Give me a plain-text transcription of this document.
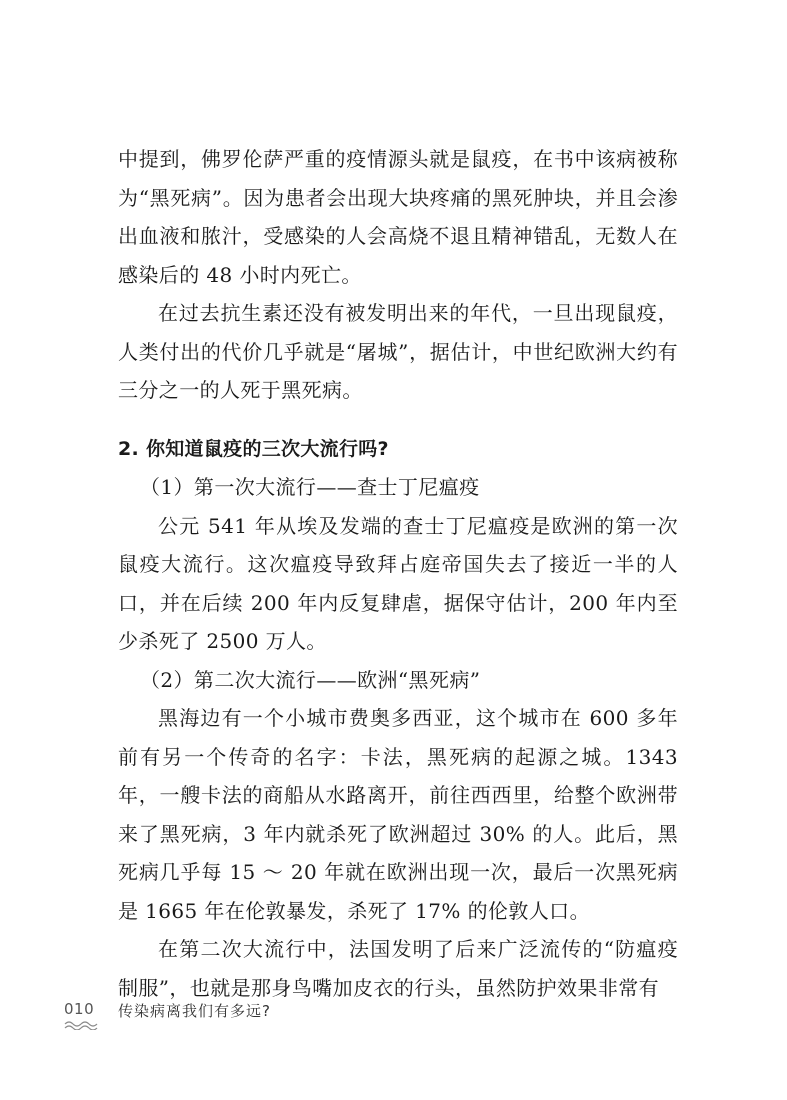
中提到，佛罗伦萨严重的疫情源头就是鼠疫，在书中该病被称为“黑死病”。因为患者会出现大块疼痛的黑死肿块，并且会渗出血液和脓汁，受感染的人会高烧不退且精神错乱，无数人在感染后的 48 小时内死亡。

在过去抗生素还没有被发明出来的年代，一旦出现鼠疫，人类付出的代价几乎就是“屠城”，据估计，中世纪欧洲大约有三分之一的人死于黑死病。

2. 你知道鼠疫的三次大流行吗?

（1）第一次大流行——查士丁尼瘟疫

公元 541 年从埃及发端的查士丁尼瘟疫是欧洲的第一次鼠疫大流行。这次瘟疫导致拜占庭帝国失去了接近一半的人口，并在后续 200 年内反复肆虐，据保守估计，200 年内至少杀死了 2500 万人。

（2）第二次大流行——欧洲“黑死病”

黑海边有一个小城市费奥多西亚，这个城市在 600 多年前有另一个传奇的名字：卡法，黑死病的起源之城。1343 年，一艘卡法的商船从水路离开，前往西西里，给整个欧洲带来了黑死病，3 年内就杀死了欧洲超过 30% 的人。此后，黑死病几乎每 15 ～ 20 年就在欧洲出现一次，最后一次黑死病是 1665 年在伦敦暴发，杀死了 17% 的伦敦人口。

在第二次大流行中，法国发明了后来广泛流传的“防瘟疫制服”，也就是那身鸟嘴加皮衣的行头，虽然防护效果非常有

010	传染病离我们有多远?
